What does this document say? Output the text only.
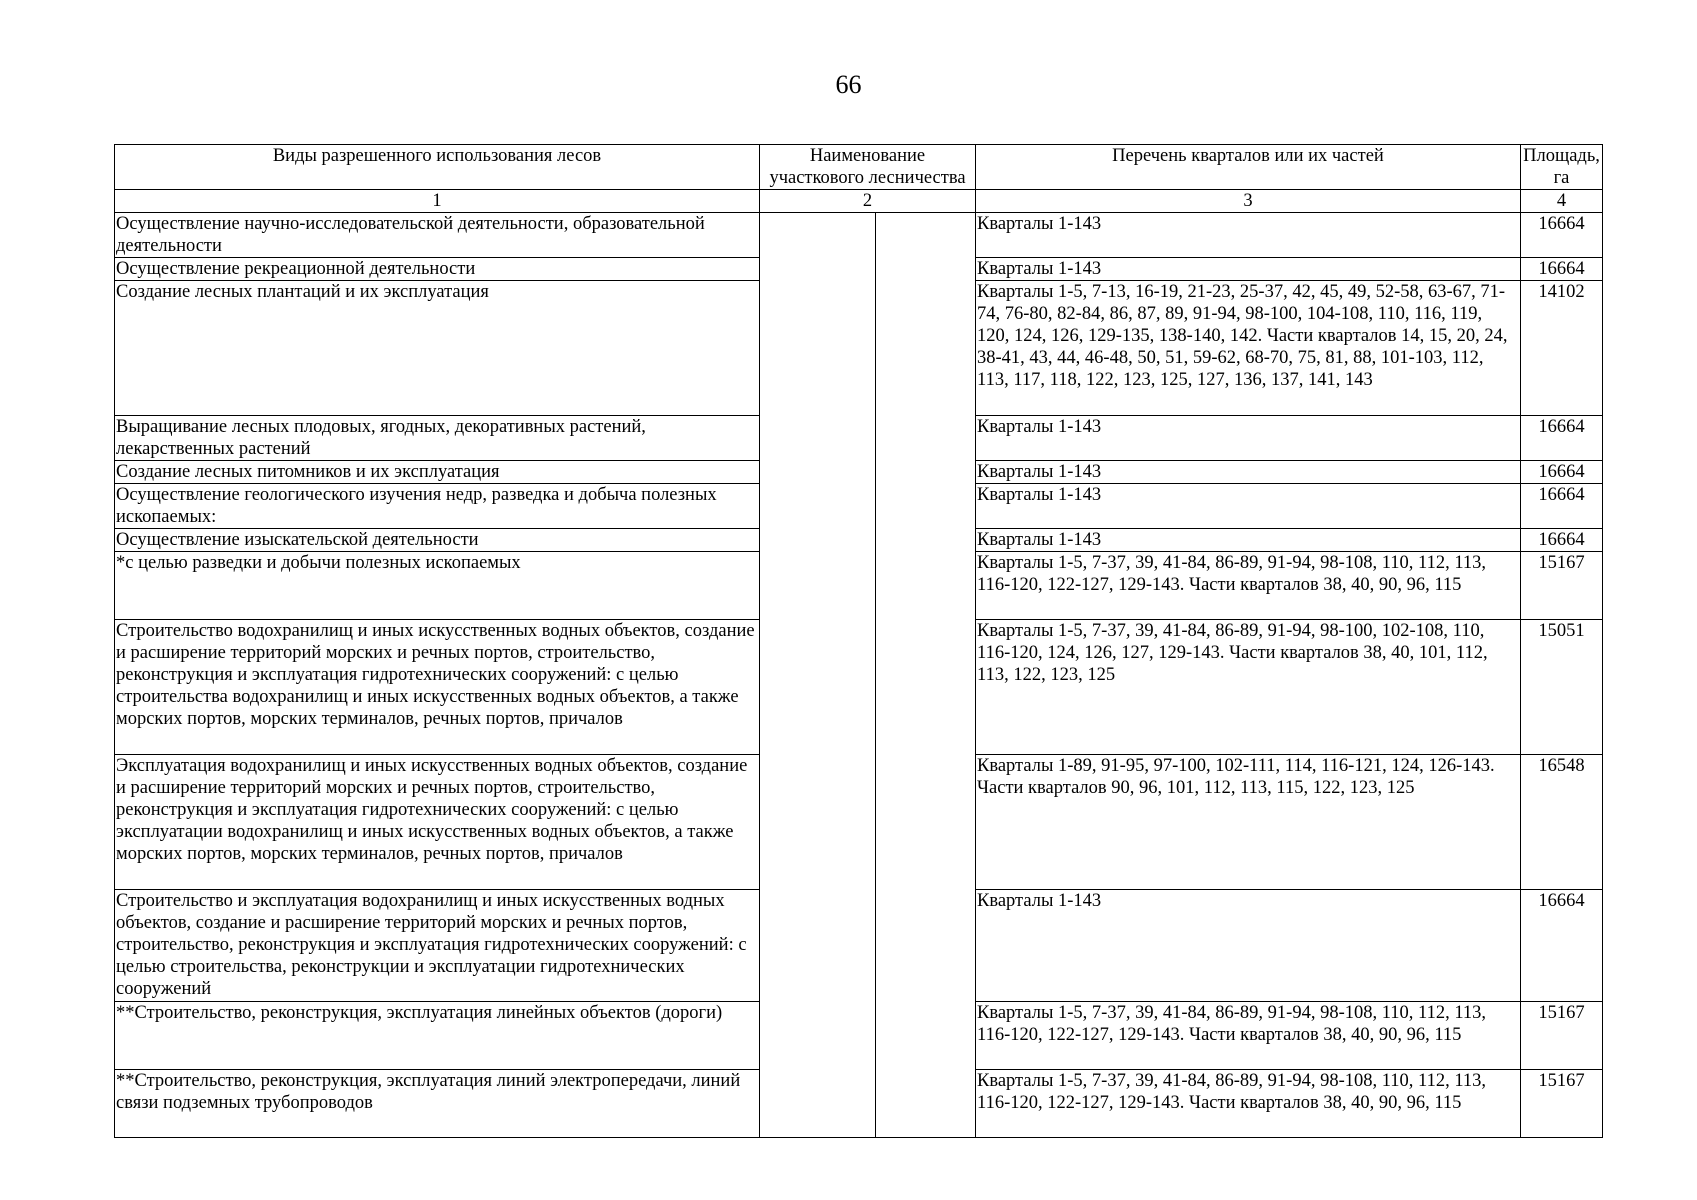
66
Виды разрешенного использования лесов	Наименование участкового лесничества		Перечень кварталов или их частей	Площадь, га
1	2		3	4
Осуществление научно-исследовательской деятельности, образовательной деятельности			Кварталы 1-143	16664
Осуществление рекреационной деятельности			Кварталы 1-143	16664
Создание лесных плантаций и их эксплуатация			Кварталы 1-5, 7-13, 16-19, 21-23, 25-37, 42, 45, 49, 52-58, 63-67, 71-74, 76-80, 82-84, 86, 87, 89, 91-94, 98-100, 104-108, 110, 116, 119, 120, 124, 126, 129-135, 138-140, 142. Части кварталов 14, 15, 20, 24, 38-41, 43, 44, 46-48, 50, 51, 59-62, 68-70, 75, 81, 88, 101-103, 112, 113, 117, 118, 122, 123, 125, 127, 136, 137, 141, 143	14102
Выращивание лесных плодовых, ягодных, декоративных растений, лекарственных растений			Кварталы 1-143	16664
Создание лесных питомников и их эксплуатация			Кварталы 1-143	16664
Осуществление геологического изучения недр, разведка и добыча полезных ископаемых:			Кварталы 1-143	16664
Осуществление изыскательской деятельности			Кварталы 1-143	16664
*с целью разведки и добычи полезных ископаемых			Кварталы 1-5, 7-37, 39, 41-84, 86-89, 91-94, 98-108, 110, 112, 113, 116-120, 122-127, 129-143. Части кварталов 38, 40, 90, 96, 115	15167
Строительство водохранилищ и иных искусственных водных объектов, создание и расширение территорий морских и речных портов, строительство, реконструкция и эксплуатация гидротехнических сооружений: с целью строительства водохранилищ и иных искусственных водных объектов, а также морских портов, морских терминалов, речных портов, причалов			Кварталы 1-5, 7-37, 39, 41-84, 86-89, 91-94, 98-100, 102-108, 110, 116-120, 124, 126, 127, 129-143. Части кварталов 38, 40, 101, 112, 113, 122, 123, 125	15051
Эксплуатация водохранилищ и иных искусственных водных объектов, создание и расширение территорий морских и речных портов, строительство, реконструкция и эксплуатация гидротехнических сооружений: с целью эксплуатации водохранилищ и иных искусственных водных объектов, а также морских портов, морских терминалов, речных портов, причалов			Кварталы 1-89, 91-95, 97-100, 102-111, 114, 116-121, 124, 126-143. Части кварталов 90, 96, 101, 112, 113, 115, 122, 123, 125	16548
Строительство и эксплуатация водохранилищ и иных искусственных водных объектов, создание и расширение территорий морских и речных портов, строительство, реконструкция и эксплуатация гидротехнических сооружений: с целью строительства, реконструкции и эксплуатации гидротехнических сооружений			Кварталы 1-143	16664
**Строительство, реконструкция, эксплуатация линейных объектов (дороги)			Кварталы 1-5, 7-37, 39, 41-84, 86-89, 91-94, 98-108, 110, 112, 113, 116-120, 122-127, 129-143. Части кварталов 38, 40, 90, 96, 115	15167
**Строительство, реконструкция, эксплуатация линий электропередачи, линий связи подземных трубопроводов			Кварталы 1-5, 7-37, 39, 41-84, 86-89, 91-94, 98-108, 110, 112, 113, 116-120, 122-127, 129-143. Части кварталов 38, 40, 90, 96, 115	15167
